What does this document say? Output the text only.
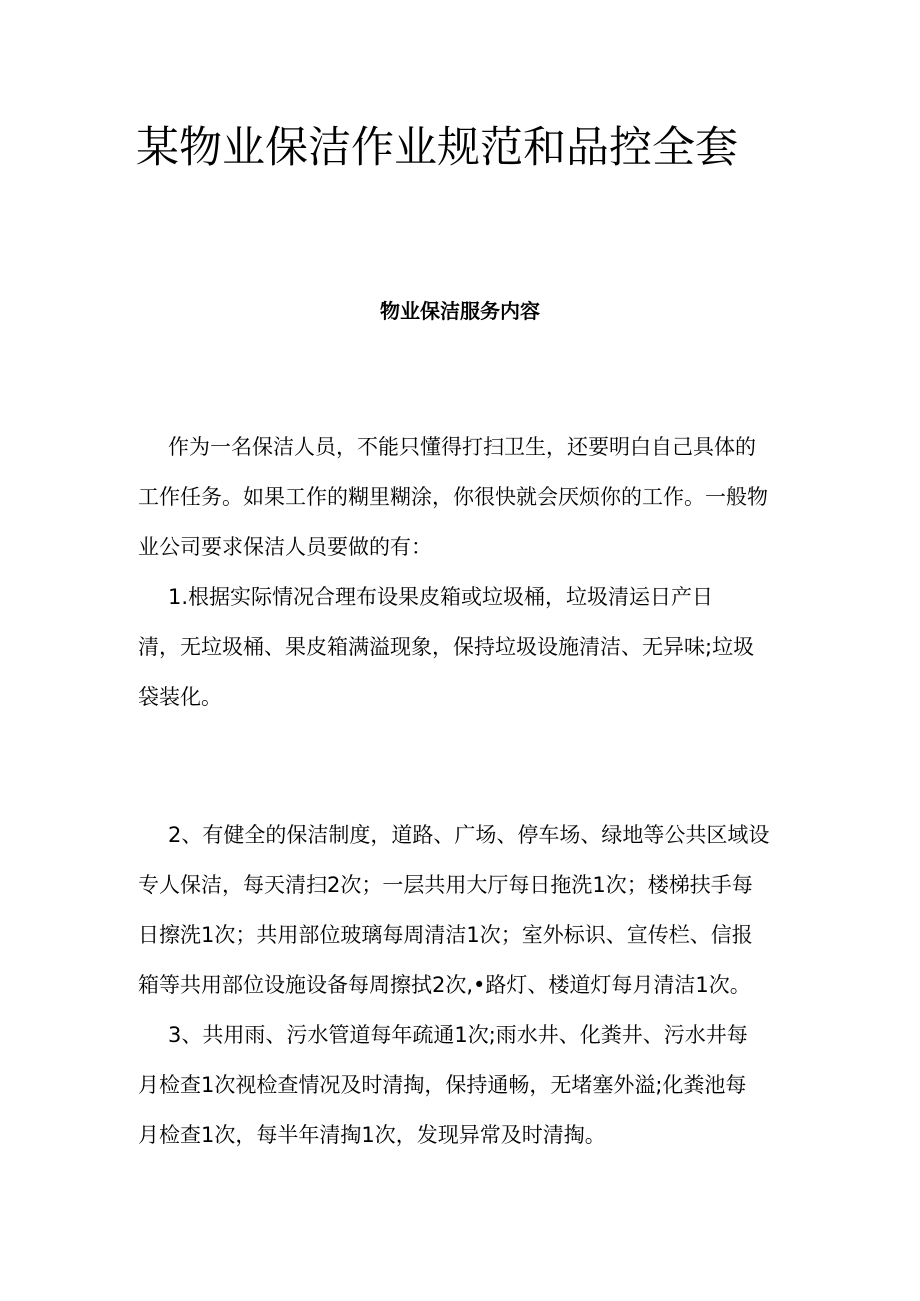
某物业保洁作业规范和品控全套
物业保洁服务内容
作为一名保洁人员，不能只懂得打扫卫生，还要明白自己具体的
工作任务。如果工作的糊里糊涂，你很快就会厌烦你的工作。一般物
业公司要求保洁人员要做的有：
1.根据实际情况合理布设果皮箱或垃圾桶，垃圾清运日产日
清，无垃圾桶、果皮箱满溢现象，保持垃圾设施清洁、无异味;垃圾
袋装化。
2、有健全的保洁制度，道路、广场、停车场、绿地等公共区域设
专人保洁，每天清扫2次；一层共用大厅每日拖洗1次；楼梯扶手每
日擦洗1次；共用部位玻璃每周清洁1次；室外标识、宣传栏、信报
箱等共用部位设施设备每周擦拭2次,•路灯、楼道灯每月清洁1次。
3、共用雨、污水管道每年疏通1次;雨水井、化粪井、污水井每
月检查1次视检查情况及时清掏，保持通畅，无堵塞外溢;化粪池每
月检查1次，每半年清掏1次，发现异常及时清掏。
